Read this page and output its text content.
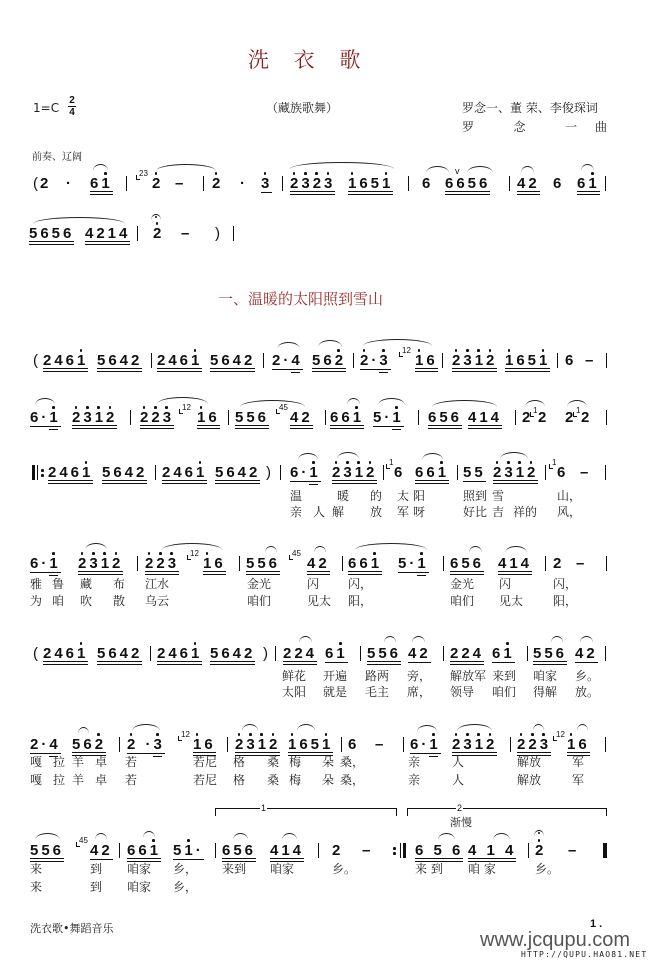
洗 衣 歌
1=C
2
4	（藏族歌舞）	罗念一、董 荣、李俊琛词
罗 念 一曲
前奏、辽阔
( 2 · 61
23
2 – 2 · 3 2323 1651 6 6656
v
42 6 61
5656 4214 2 – )
一、温暖的太阳照到雪山
( 2461 5642 2461 5642 2·4 562 2·3
12
16 2312 1651 6 –
6·1 2312 223
12
16 556
45
42 661 5·1 656 414 2 1 2 2 1 2
2461 5642 2461 5642 ) 6·1 2312
1
6 661 55 2312
1
6 –
温	暖 的 太 阳	照到 雪	山，
亲 人 解 放 军 呀	好比 吉 祥的 风，
6·1 2312 223
12
16 556
45
42 661 5·1 656 414 2 –
雅 鲁 藏 布 江水	金光	闪 闪，	金光 闪	闪，
为 咱 吹 散 乌云	咱们	见太 阳，	咱们 见太 阳，
( 2461 5642 2461 5642 ) 224 61 556 42 224 61 556 42
鲜花 开遍 路两 旁， 解放军 来到 咱家 乡。
太阳 就是 毛主 席， 领导 咱们 得解 放。
2·4 562 2 ·3
12
16 2312 1651 6 – 6·1 2312 223
12
16
嘎 拉 羊 卓 若	若尼 格 桑 梅 朵 桑，	亲	人	解放	军
嘎 拉 羊 卓 若	若尼 格 桑 梅 朵 桑，	亲	人	解放	军
1	2
渐慢
556
45
42 661 51· 656 414 2 –	6 5 6 4 1 4 2 –
来	到 咱家 乡， 来到 咱家	乡。	来 到 咱 家	乡。
来	到 咱家 乡，
洗衣歌•舞蹈音乐	1 .
www.jcqupu.com
HTTP://QUPU.HAO81.NET
